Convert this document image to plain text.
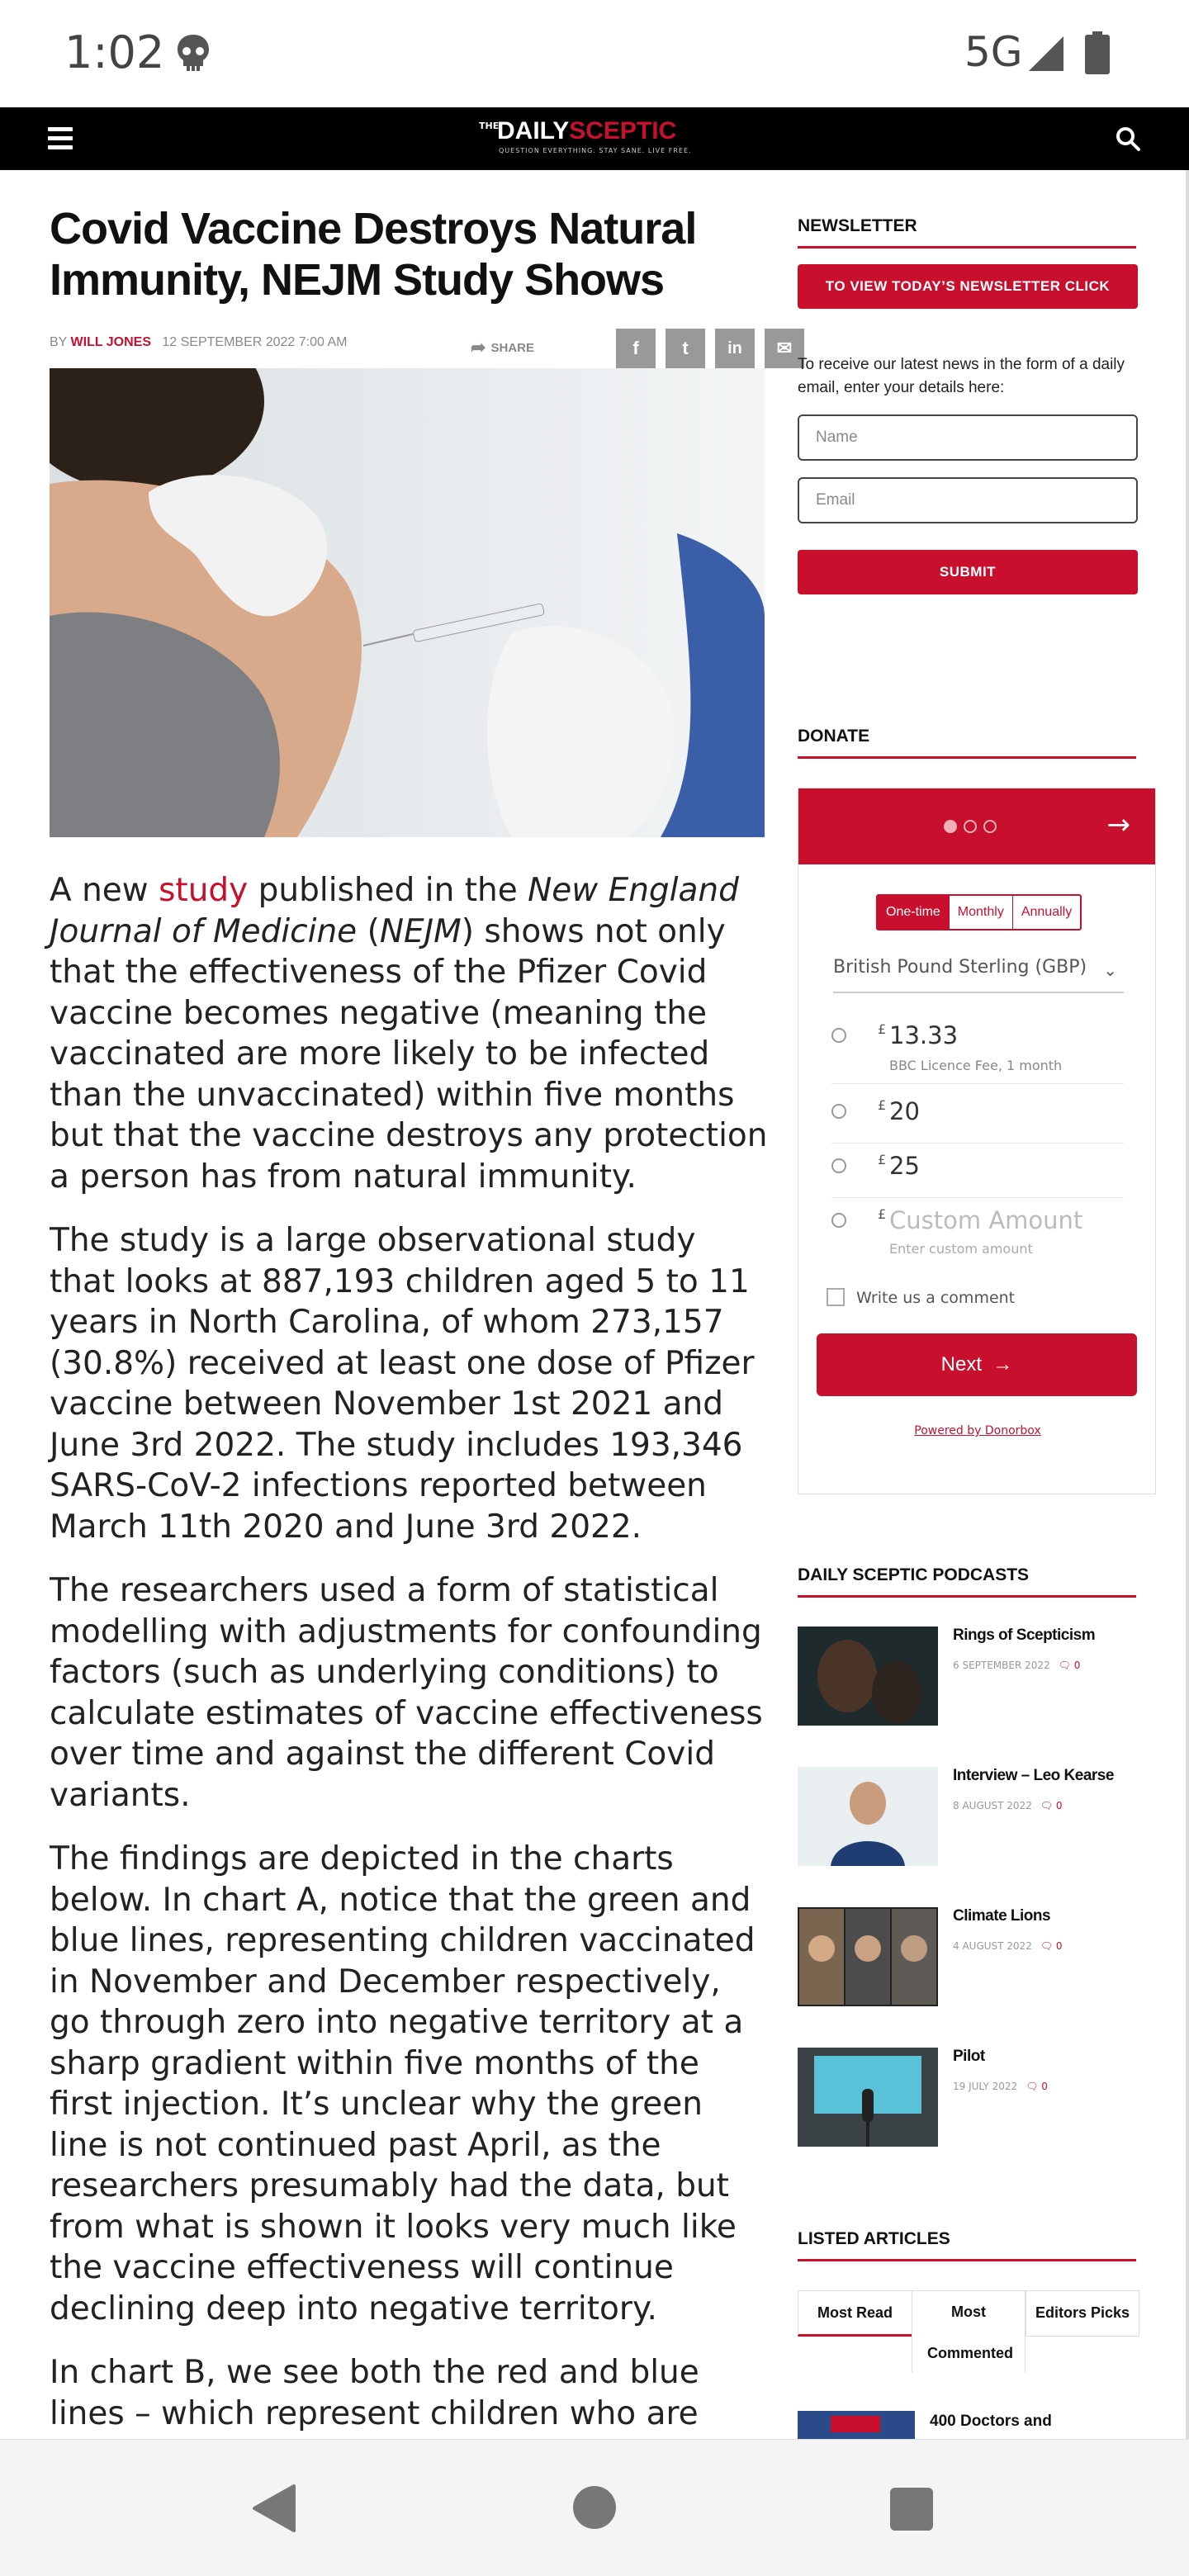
1:02	5G
THE
DAILYSCEPTIC
QUESTION EVERYTHING. STAY SANE. LIVE FREE.
Covid Vaccine Destroys Natural Immunity, NEJM Study Shows
BY WILL JONES 12 SEPTEMBER 2022 7:00 AM	➦ SHARE	f	t	in	✉

A new study published in the New England Journal of Medicine (NEJM) shows not only that the effectiveness of the Pfizer Covid vaccine becomes negative (meaning the vaccinated are more likely to be infected than the unvaccinated) within five months but that the vaccine destroys any protection a person has from natural immunity.

The study is a large observational study that looks at 887,193 children aged 5 to 11 years in North Carolina, of whom 273,157 (30.8%) received at least one dose of Pfizer vaccine between November 1st 2021 and June 3rd 2022. The study includes 193,346 SARS-CoV-2 infections reported between March 11th 2020 and June 3rd 2022.

The researchers used a form of statistical modelling with adjustments for confounding factors (such as underlying conditions) to calculate estimates of vaccine effectiveness over time and against the different Covid variants.

The findings are depicted in the charts below. In chart A, notice that the green and blue lines, representing children vaccinated in November and December respectively, go through zero into negative territory at a sharp gradient within five months of the first injection. It’s unclear why the green line is not continued past April, as the researchers presumably had the data, but from what is shown it looks very much like the vaccine effectiveness will continue declining deep into negative territory.

In chart B, we see both the red and blue lines – which represent children who are

NEWSLETTER
TO VIEW TODAY’S NEWSLETTER CLICK
To receive our latest news in the form of a daily email, enter your details here:
Name
Email
SUBMIT
DONATE
→
One-time	Monthly	Annually
British Pound Sterling (GBP) ⌄
£ 13.33
BBC Licence Fee, 1 month
£ 20
£ 25
£ Custom Amount
Enter custom amount
Write us a comment
Next →
Powered by Donorbox
DAILY SCEPTIC PODCASTS
Rings of Scepticism
6 SEPTEMBER 2022 🗨 0
Interview – Leo Kearse
8 AUGUST 2022 🗨 0
Climate Lions
4 AUGUST 2022 🗨 0
Pilot
19 JULY 2022 🗨 0
LISTED ARTICLES
Most Read	Most Commented
Editors Picks
400 Doctors and
